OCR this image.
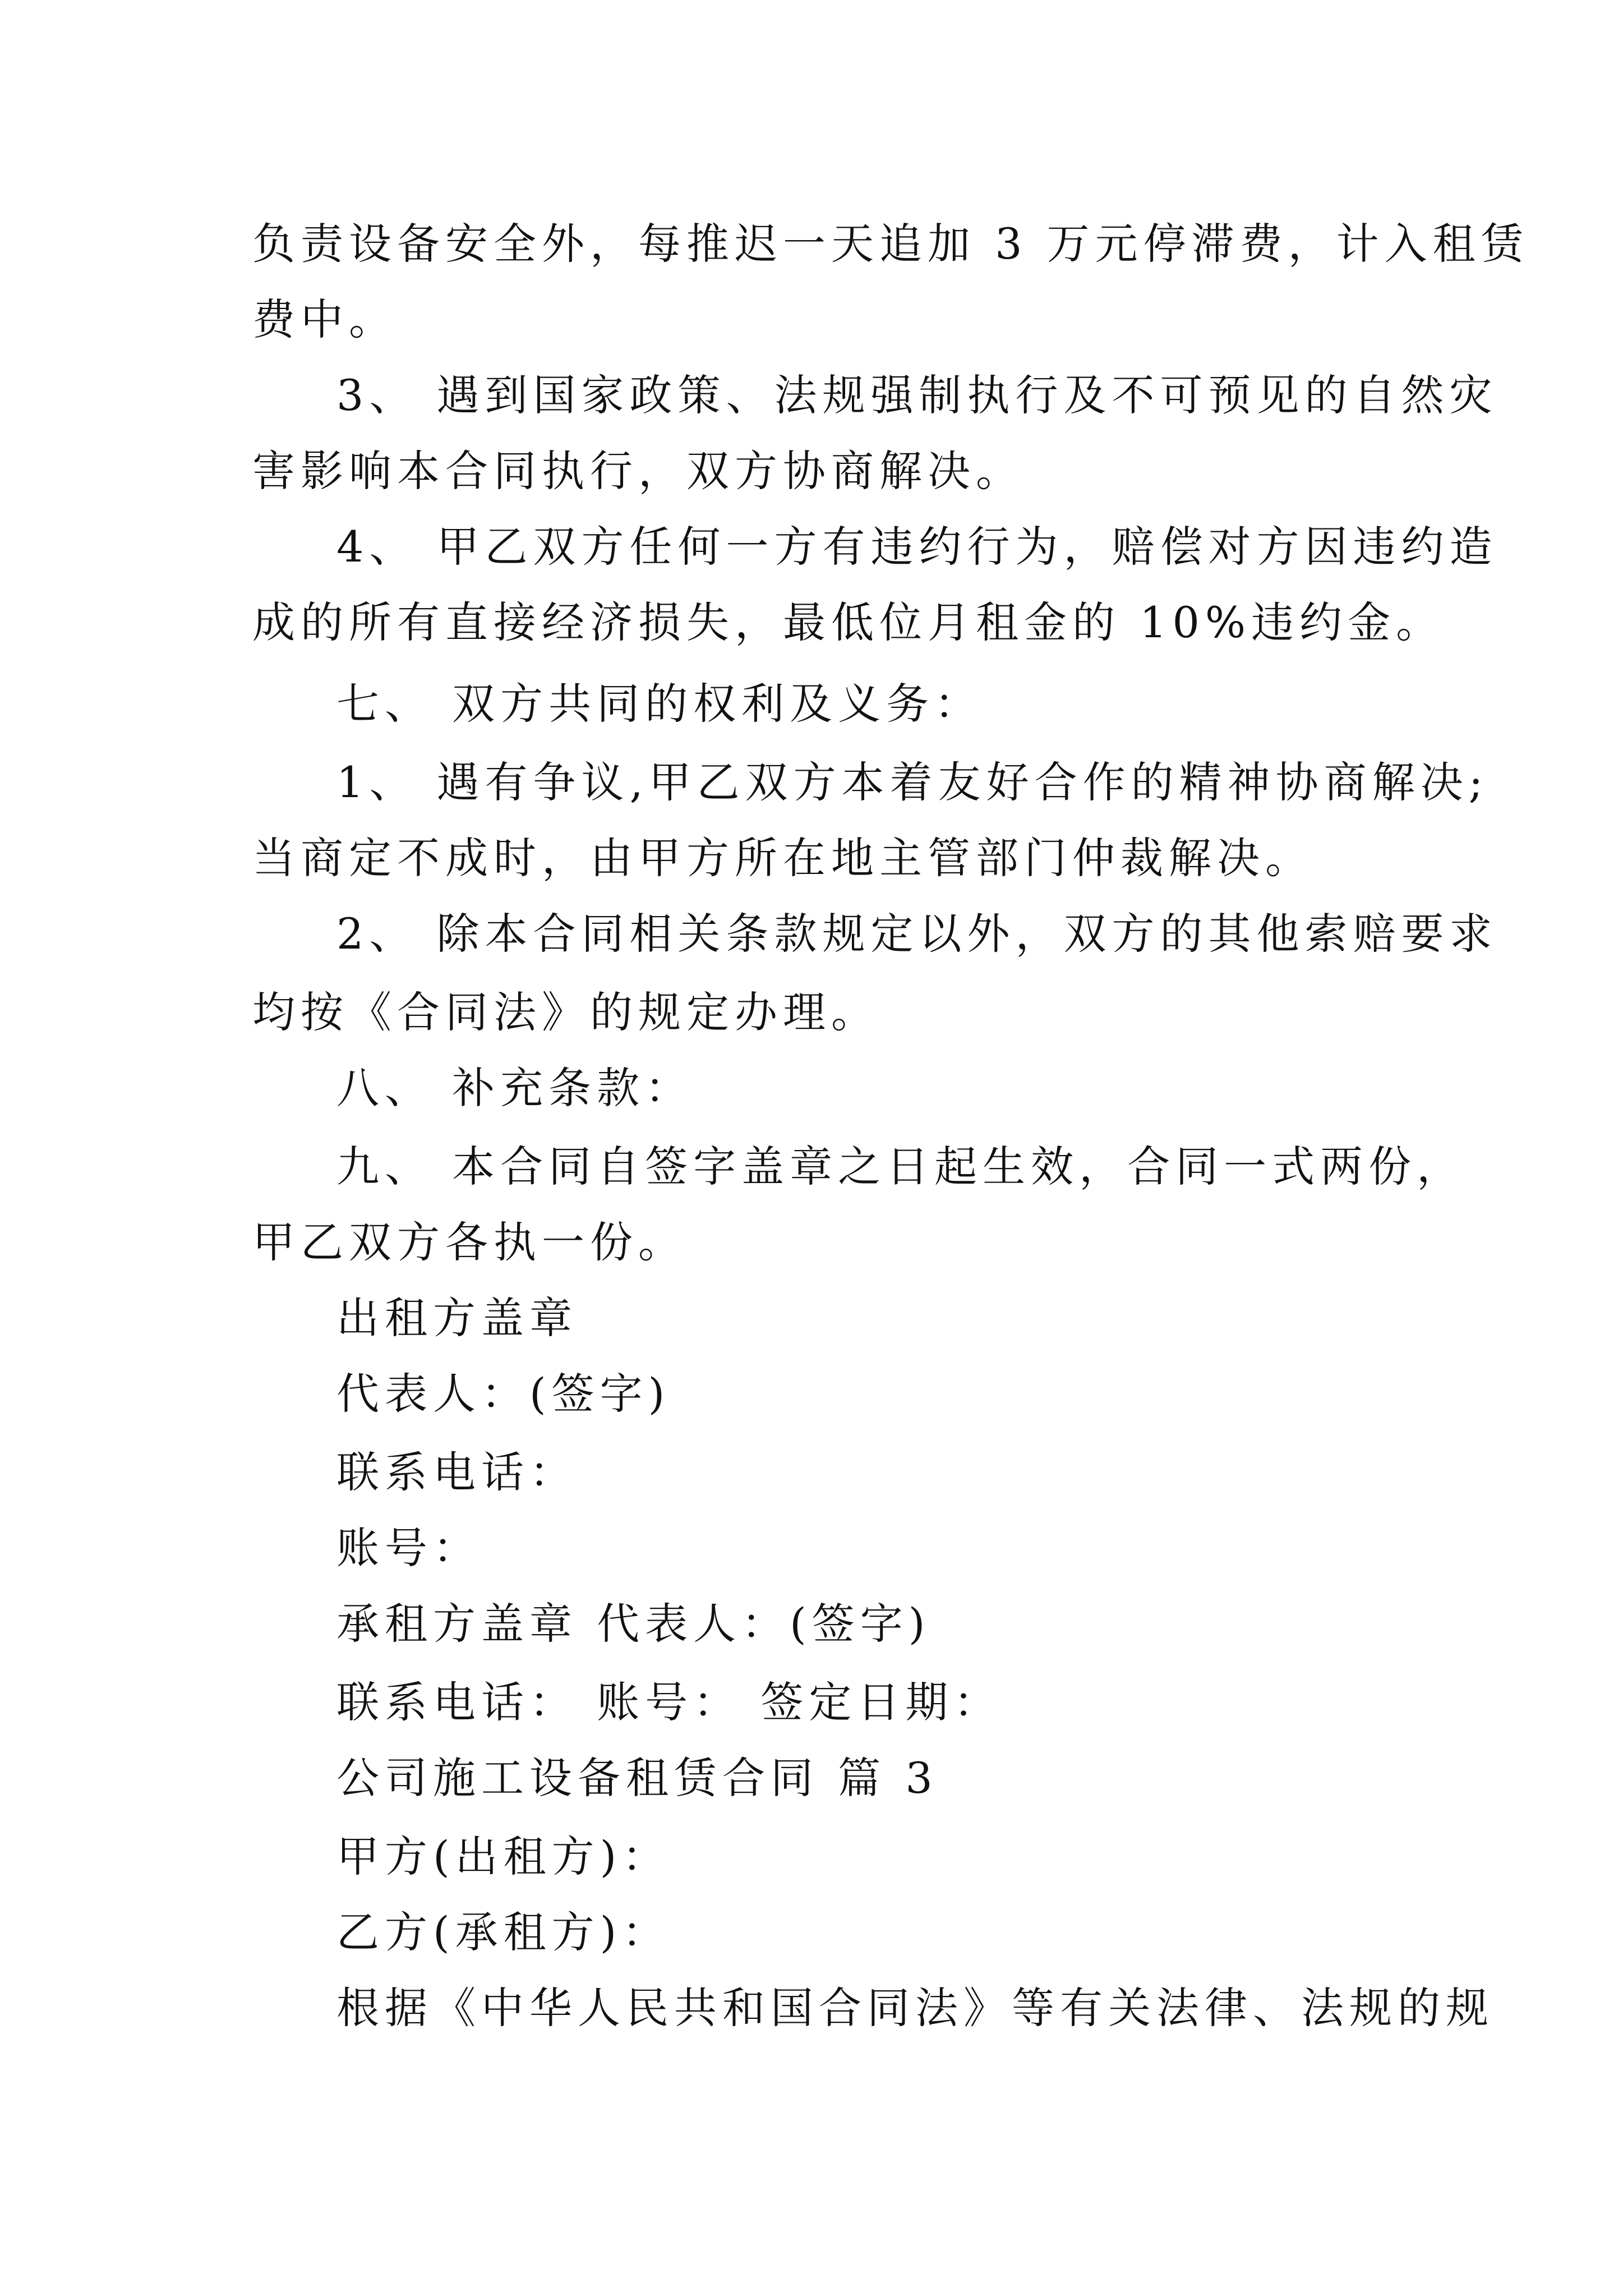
负责设备安全外，每推迟一天追加 3 万元停滞费，计入租赁
费中。
3、 遇到国家政策、法规强制执行及不可预见的自然灾
害影响本合同执行，双方协商解决。
4、 甲乙双方任何一方有违约行为，赔偿对方因违约造
成的所有直接经济损失，最低位月租金的 10%违约金。
七、 双方共同的权利及义务：
1、 遇有争议,甲乙双方本着友好合作的精神协商解决;
当商定不成时，由甲方所在地主管部门仲裁解决。
2、 除本合同相关条款规定以外，双方的其他索赔要求
均按《合同法》的规定办理。
八、 补充条款：
九、 本合同自签字盖章之日起生效，合同一式两份，
甲乙双方各执一份。
出租方盖章
代表人：(签字)
联系电话：
账号：
承租方盖章 代表人：(签字)
联系电话： 账号： 签定日期：
公司施工设备租赁合同 篇 3
甲方(出租方)：
乙方(承租方)：
根据《中华人民共和国合同法》等有关法律、法规的规
